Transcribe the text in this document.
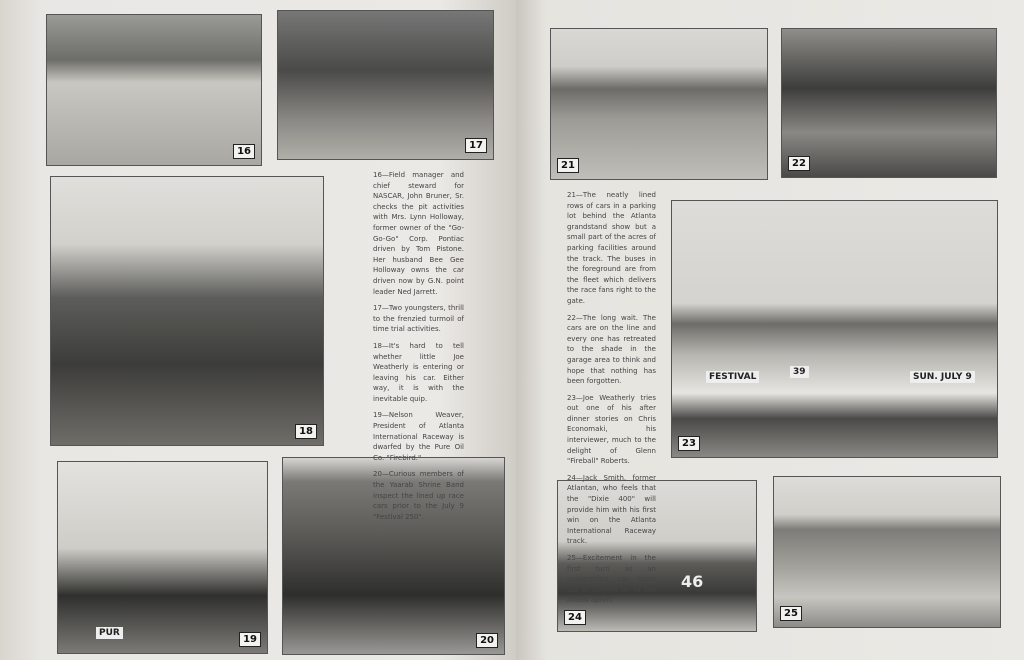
16
17
18
PUR
19	20

16—Field manager and chief steward for NASCAR, John Bruner, Sr. checks the pit activities with Mrs. Lynn Holloway, former owner of the "Go-Go-Go" Corp. Pontiac driven by Tom Pistone. Her husband Bee Gee Holloway owns the car driven now by G.N. point leader Ned Jarrett.

17—Two youngsters, thrill to the frenzied turmoil of time trial activities.

18—It's hard to tell whether little Joe Weatherly is entering or leaving his car. Either way, it is with the inevitable quip.

19—Nelson Weaver, President of Atlanta International Raceway is dwarfed by the Pure Oil Co. "Firebird."

20—Curious members of the Yaarab Shrine Band inspect the lined up race cars prior to the July 9 "Festival 250".

21	22
FESTIVAL	SUN. JULY 9
39
23
46
24	25

21—The neatly lined rows of cars in a parking lot behind the Atlanta grandstand show but a small part of the acres of parking facilities around the track. The buses in the foreground are from the fleet which delivers the race fans right to the gate.

22—The long wait. The cars are on the line and every one has retreated to the shade in the garage area to think and hope that nothing has been forgotten.

23—Joe Weatherly tries out one of his after dinner stories on Chris Economaki, his interviewer, much to the delight of Glenn "Fireball" Roberts.

24—Jack Smith, former Atlantan, who feels that the "Dixie 400" will provide him with his first win on the Atlanta International Raceway track.

25—Excitement in the first turn as an unidentified car spins out of control on to the infield apron.
